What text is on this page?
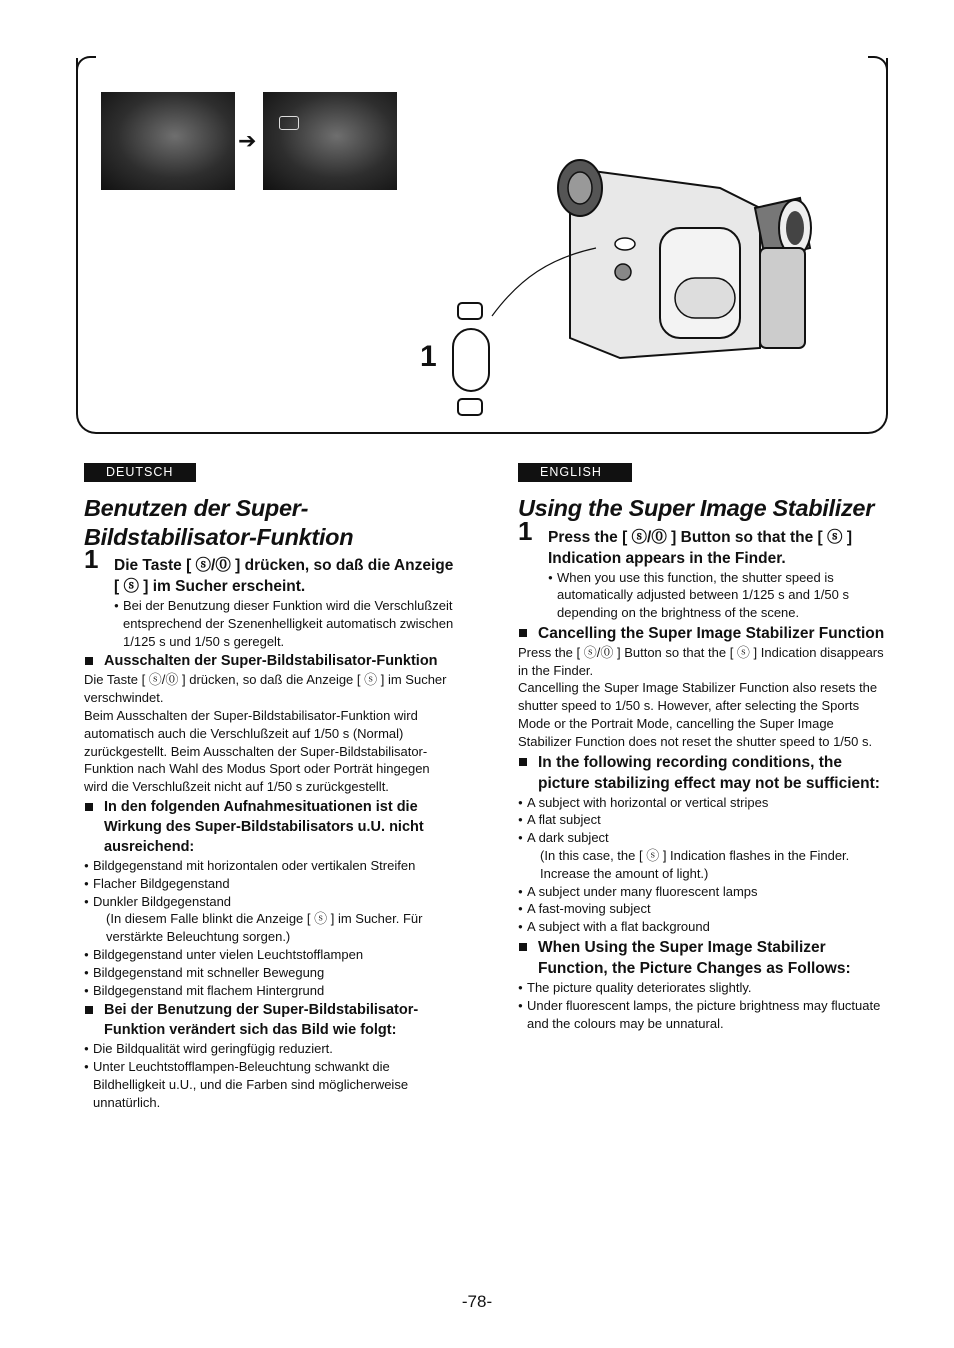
➔
1
DEUTSCH	ENGLISH
Benutzen der Super-Bildstabilisator-Funktion
1 Die Taste [ ⓢ/⓪ ] drücken, so daß die Anzeige [ ⓢ ] im Sucher erscheint.
● Bei der Benutzung dieser Funktion wird die Verschlußzeit entsprechend der Szenenhelligkeit automatisch zwischen 1/125 s und 1/50 s geregelt.
Ausschalten der Super-Bildstabilisator-Funktion
Die Taste [ ⓢ/⓪ ] drücken, so daß die Anzeige [ ⓢ ] im Sucher verschwindet.
Beim Ausschalten der Super-Bildstabilisator-Funktion wird automatisch auch die Verschlußzeit auf 1/50 s (Normal) zurückgestellt. Beim Ausschalten der Super-Bildstabilisator-Funktion nach Wahl des Modus Sport oder Porträt hingegen wird die Verschlußzeit nicht auf 1/50 s zurückgestellt.
In den folgenden Aufnahmesituationen ist die Wirkung des Super-Bildstabilisators u.U. nicht ausreichend:
● Bildgegenstand mit horizontalen oder vertikalen Streifen
● Flacher Bildgegenstand
● Dunkler Bildgegenstand
(In diesem Falle blinkt die Anzeige [ ⓢ ] im Sucher. Für verstärkte Beleuchtung sorgen.)
● Bildgegenstand unter vielen Leuchtstofflampen
● Bildgegenstand mit schneller Bewegung
● Bildgegenstand mit flachem Hintergrund
Bei der Benutzung der Super-Bildstabilisator-Funktion verändert sich das Bild wie folgt:
● Die Bildqualität wird geringfügig reduziert.
● Unter Leuchtstofflampen-Beleuchtung schwankt die Bildhelligkeit u.U., und die Farben sind möglicherweise unnatürlich.
Using the Super Image Stabilizer
1 Press the [ ⓢ/⓪ ] Button so that the [ ⓢ ] Indication appears in the Finder.
● When you use this function, the shutter speed is automatically adjusted between 1/125 s and 1/50 s depending on the brightness of the scene.
Cancelling the Super Image Stabilizer Function
Press the [ ⓢ/⓪ ] Button so that the [ ⓢ ] Indication disappears in the Finder.
Cancelling the Super Image Stabilizer Function also resets the shutter speed to 1/50 s. However, after selecting the Sports Mode or the Portrait Mode, cancelling the Super Image Stabilizer Function does not reset the shutter speed to 1/50 s.
In the following recording conditions, the picture stabilizing effect may not be sufficient:
● A subject with horizontal or vertical stripes
● A flat subject
● A dark subject
(In this case, the [ ⓢ ] Indication flashes in the Finder. Increase the amount of light.)
● A subject under many fluorescent lamps
● A fast-moving subject
● A subject with a flat background
When Using the Super Image Stabilizer Function, the Picture Changes as Follows:
● The picture quality deteriorates slightly.
● Under fluorescent lamps, the picture brightness may fluctuate and the colours may be unnatural.
-78-
